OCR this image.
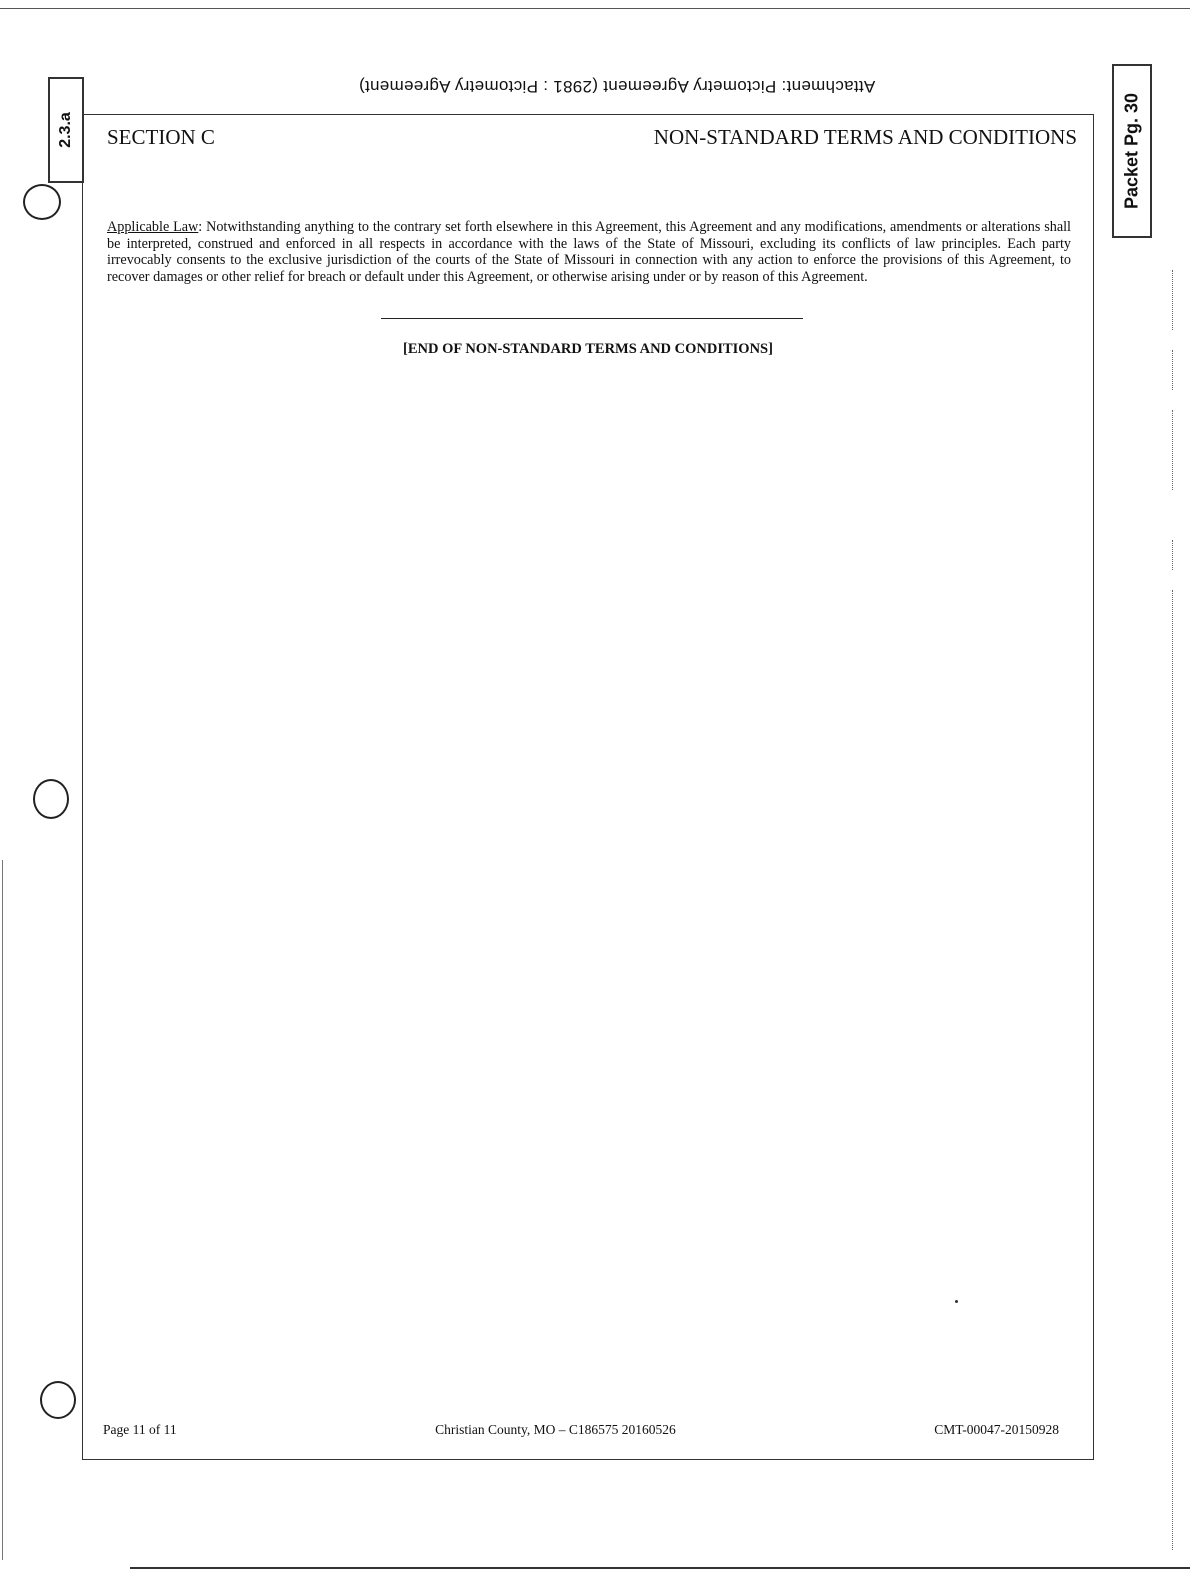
Attachment: Pictometry Agreement (2981 : Pictometry Agreement)
2.3.a	Packet Pg. 30
SECTION C	NON-STANDARD TERMS AND CONDITIONS

Applicable Law: Notwithstanding anything to the contrary set forth elsewhere in this Agreement, this Agreement and any modifications, amendments or alterations shall be interpreted, construed and enforced in all respects in accordance with the laws of the State of Missouri, excluding its conflicts of law principles. Each party irrevocably consents to the exclusive jurisdiction of the courts of the State of Missouri in connection with any action to enforce the provisions of this Agreement, to recover damages or other relief for breach or default under this Agreement, or otherwise arising under or by reason of this Agreement.

[END OF NON-STANDARD TERMS AND CONDITIONS]
Page 11 of 11	Christian County, MO – C186575 20160526	CMT-00047-20150928
